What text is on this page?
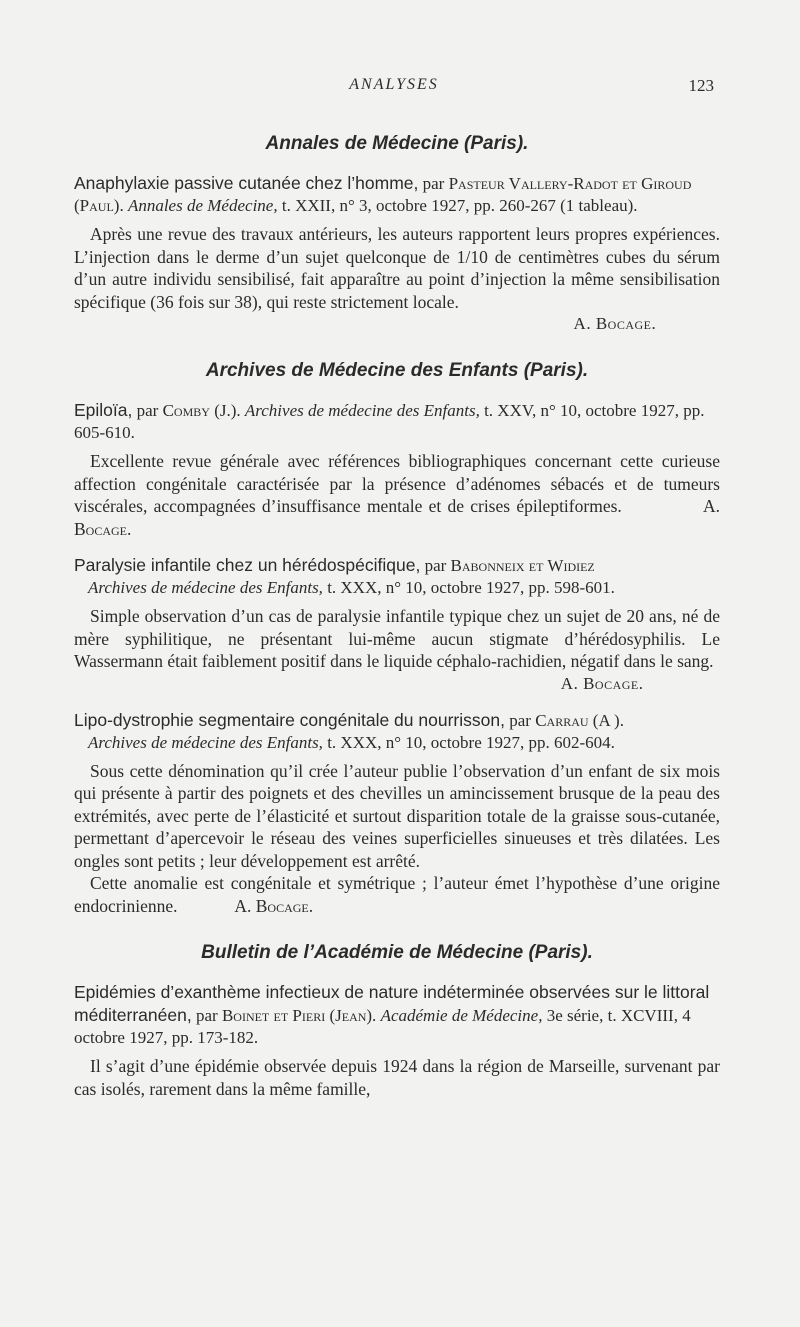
ANALYSES	123
Annales de Médecine (Paris).

Anaphylaxie passive cutanée chez l’homme, par Pasteur Vallery-Radot et Giroud (Paul). Annales de Médecine, t. XXII, n° 3, octobre 1927, pp. 260-267 (1 tableau).

Après une revue des travaux antérieurs, les auteurs rapportent leurs propres expériences. L’injection dans le derme d’un sujet quelconque de 1/10 de centimètres cubes du sérum d’un autre individu sensibilisé, fait apparaître au point d’injection la même sensibilisation spécifique (36 fois sur 38), qui reste strictement locale.

A. Bocage.

Archives de Médecine des Enfants (Paris).

Epiloïa, par Comby (J.). Archives de médecine des Enfants, t. XXV, n° 10, octobre 1927, pp. 605-610.

Excellente revue générale avec références bibliographiques concernant cette curieuse affection congénitale caractérisée par la présence d’adénomes sébacés et de tumeurs viscérales, accompagnées d’insuffisance mentale et de crises épileptiformes.	A. Bocage.

Paralysie infantile chez un hérédospécifique, par Babonneix et Widiez

Archives de médecine des Enfants, t. XXX, n° 10, octobre 1927, pp. 598-601.

Simple observation d’un cas de paralysie infantile typique chez un sujet de 20 ans, né de mère syphilitique, ne présentant lui-même aucun stigmate d’hérédosyphilis. Le Wassermann était faiblement positif dans le liquide céphalo-rachidien, négatif dans le sang.

A. Bocage.

Lipo-dystrophie segmentaire congénitale du nourrisson, par Carrau (A ).

Archives de médecine des Enfants, t. XXX, n° 10, octobre 1927, pp. 602-604.

Sous cette dénomination qu’il crée l’auteur publie l’observation d’un enfant de six mois qui présente à partir des poignets et des chevilles un amincissement brusque de la peau des extrémités, avec perte de l’élasticité et surtout disparition totale de la graisse sous-cutanée, permettant d’apercevoir le réseau des veines superficielles sinueuses et très dilatées. Les ongles sont petits ; leur développement est arrêté.

Cette anomalie est congénitale et symétrique ; l’auteur émet l’hypothèse d’une origine endocrinienne.	A. Bocage.

Bulletin de l’Académie de Médecine (Paris).

Epidémies d’exanthème infectieux de nature indéterminée observées sur le littoral méditerranéen, par Boinet et Pieri (Jean). Académie de Médecine, 3e série, t. XCVIII, 4 octobre 1927, pp. 173-182.

Il s’agit d’une épidémie observée depuis 1924 dans la région de Marseille, survenant par cas isolés, rarement dans la même famille,
